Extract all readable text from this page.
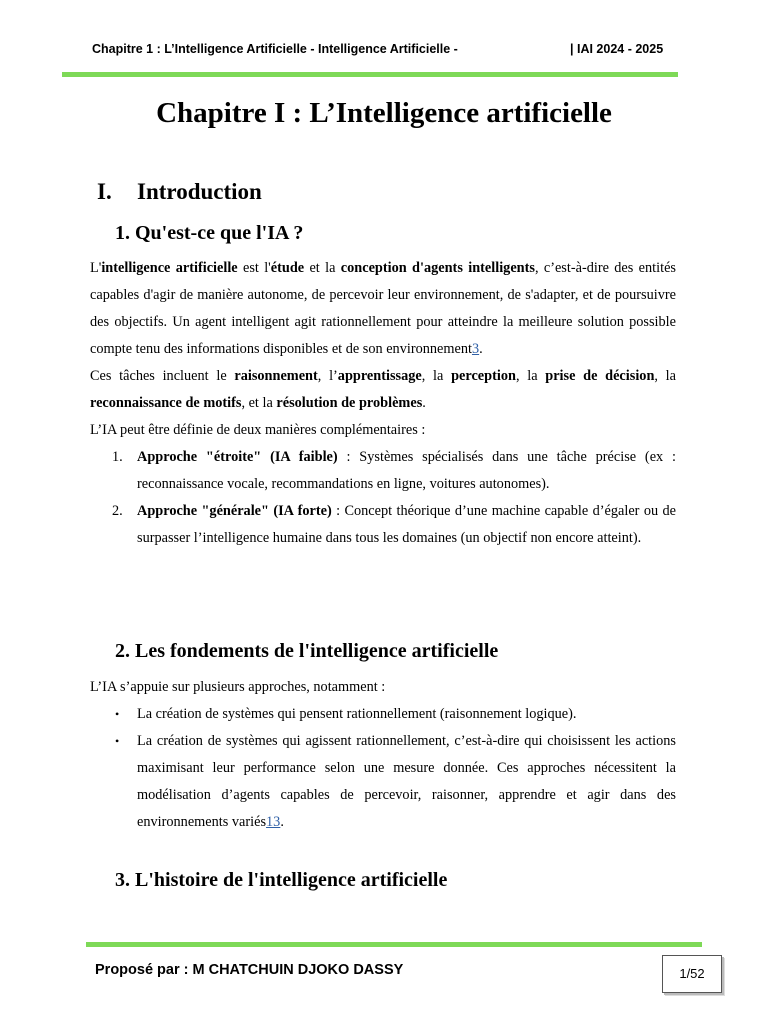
Chapitre 1 : L’Intelligence Artificielle - Intelligence Artificielle -	| IAI 2024 - 2025
Chapitre I : L’Intelligence artificielle
I. Introduction
1. Qu'est-ce que l'IA ?

L'intelligence artificielle est l'étude et la conception d'agents intelligents, c’est-à-dire des entités capables d'agir de manière autonome, de percevoir leur environnement, de s'adapter, et de poursuivre des objectifs. Un agent intelligent agit rationnellement pour atteindre la meilleure solution possible compte tenu des informations disponibles et de son environnement3.

Ces tâches incluent le raisonnement, l’apprentissage, la perception, la prise de décision, la reconnaissance de motifs, et la résolution de problèmes.

L’IA peut être définie de deux manières complémentaires :

1. Approche "étroite" (IA faible) : Systèmes spécialisés dans une tâche précise (ex : reconnaissance vocale, recommandations en ligne, voitures autonomes).
2. Approche "générale" (IA forte) : Concept théorique d’une machine capable d’égaler ou de surpasser l’intelligence humaine dans tous les domaines (un objectif non encore atteint).
2. Les fondements de l'intelligence artificielle

L’IA s’appuie sur plusieurs approches, notamment :

• La création de systèmes qui pensent rationnellement (raisonnement logique).
• La création de systèmes qui agissent rationnellement, c’est-à-dire qui choisissent les actions maximisant leur performance selon une mesure donnée. Ces approches nécessitent la modélisation d’agents capables de percevoir, raisonner, apprendre et agir dans des environnements variés13.
3. L'histoire de l'intelligence artificielle
Proposé par : M CHATCHUIN DJOKO DASSY	1/52
